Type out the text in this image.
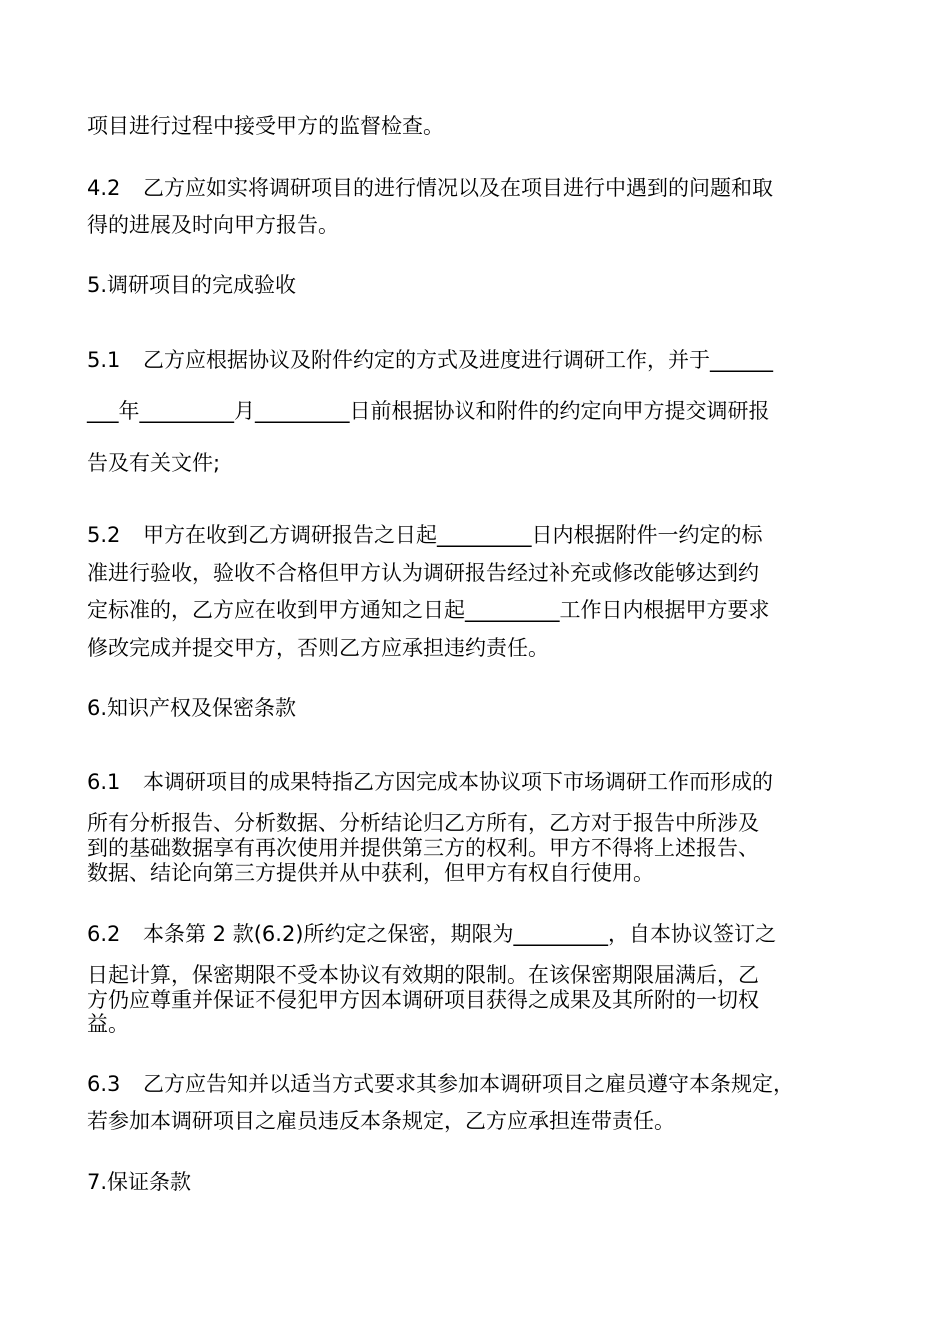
项目进行过程中接受甲方的监督检查。
4.2 乙方应如实将调研项目的进行情况以及在项目进行中遇到的问题和取
得的进展及时向甲方报告。
5.调研项目的完成验收
5.1 乙方应根据协议及附件约定的方式及进度进行调研工作，并于______
___年_________月_________日前根据协议和附件的约定向甲方提交调研报
告及有关文件;
5.2 甲方在收到乙方调研报告之日起_________日内根据附件一约定的标
准进行验收，验收不合格但甲方认为调研报告经过补充或修改能够达到约
定标准的，乙方应在收到甲方通知之日起_________工作日内根据甲方要求
修改完成并提交甲方，否则乙方应承担违约责任。
6.知识产权及保密条款
6.1 本调研项目的成果特指乙方因完成本协议项下市场调研工作而形成的
所有分析报告、分析数据、分析结论归乙方所有，乙方对于报告中所涉及
到的基础数据享有再次使用并提供第三方的权利。甲方不得将上述报告、
数据、结论向第三方提供并从中获利，但甲方有权自行使用。
6.2 本条第 2 款(6.2)所约定之保密，期限为_________，自本协议签订之
日起计算，保密期限不受本协议有效期的限制。在该保密期限届满后，乙
方仍应尊重并保证不侵犯甲方因本调研项目获得之成果及其所附的一切权
益。
6.3 乙方应告知并以适当方式要求其参加本调研项目之雇员遵守本条规定，
若参加本调研项目之雇员违反本条规定，乙方应承担连带责任。
7.保证条款
